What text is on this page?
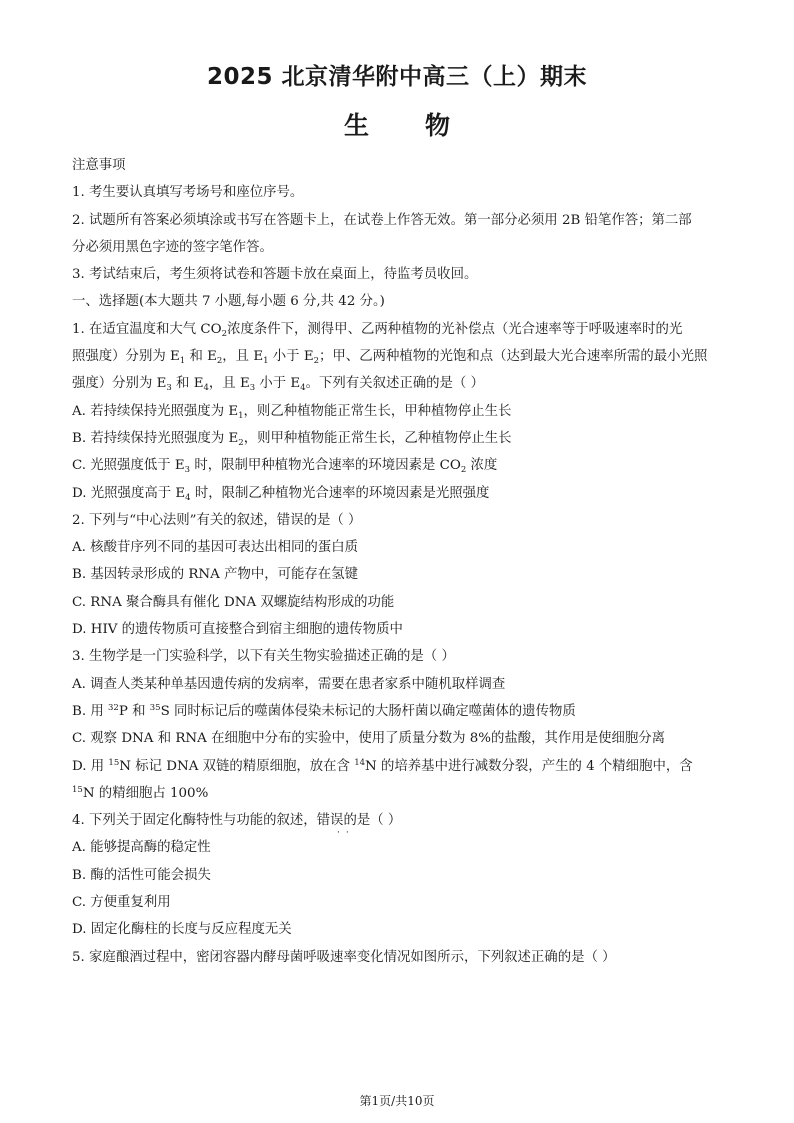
2025 北京清华附中高三（上）期末
生 物
注意事项
1. 考生要认真填写考场号和座位序号。
2. 试题所有答案必须填涂或书写在答题卡上，在试卷上作答无效。第一部分必须用 2B 铅笔作答；第二部
分必须用黑色字迹的签字笔作答。
3. 考试结束后，考生须将试卷和答题卡放在桌面上，待监考员收回。
一、选择题(本大题共 7 小题,每小题 6 分,共 42 分。)
1. 在适宜温度和大气 $CO_2$浓度条件下，测得甲、乙两种植物的光补偿点（光合速率等于呼吸速率时的光
照强度）分别为 $E_1$ 和 $E_2$，且 $E_1$ 小于 $E_2$；甲、乙两种植物的光饱和点（达到最大光合速率所需的最小光照
强度）分别为 $E_3$ 和 $E_4$，且 $E_3$ 小于 $E_4$。下列有关叙述正确的是（ ）
A. 若持续保持光照强度为 $E_1$，则乙种植物能正常生长，甲种植物停止生长
B. 若持续保持光照强度为 $E_2$，则甲种植物能正常生长，乙种植物停止生长
C. 光照强度低于 $E_3$ 时，限制甲种植物光合速率的环境因素是 $CO_2$ 浓度
D. 光照强度高于 $E_4$ 时，限制乙种植物光合速率的环境因素是光照强度
2. 下列与“中心法则”有关的叙述，错误的是（ ）
A. 核酸苷序列不同的基因可表达出相同的蛋白质
B. 基因转录形成的 RNA 产物中，可能存在氢键
C. RNA 聚合酶具有催化 DNA 双螺旋结构形成的功能
D. HIV 的遗传物质可直接整合到宿主细胞的遗传物质中
3. 生物学是一门实验科学，以下有关生物实验描述正确的是（ ）
A. 调查人类某种单基因遗传病的发病率，需要在患者家系中随机取样调查
B. 用 $^{32}$P 和 $^{35}$S 同时标记后的噬菌体侵染未标记的大肠杆菌以确定噬菌体的遗传物质
C. 观察 DNA 和 RNA 在细胞中分布的实验中，使用了质量分数为 8%的盐酸，其作用是使细胞分离
D. 用 $^{15}$N 标记 DNA 双链的精原细胞，放在含 $^{14}$N 的培养基中进行减数分裂，产生的 4 个精细胞中，含
$^{15}$N 的精细胞占 100%
4. 下列关于固定化酶特性与功能的叙述，错误的是（ ）
A. 能够提高酶的稳定性
B. 酶的活性可能会损失
C. 方便重复利用
D. 固定化酶柱的长度与反应程度无关
5. 家庭酿酒过程中，密闭容器内酵母菌呼吸速率变化情况如图所示，下列叙述正确的是（ ）
··
第1页/共10页
